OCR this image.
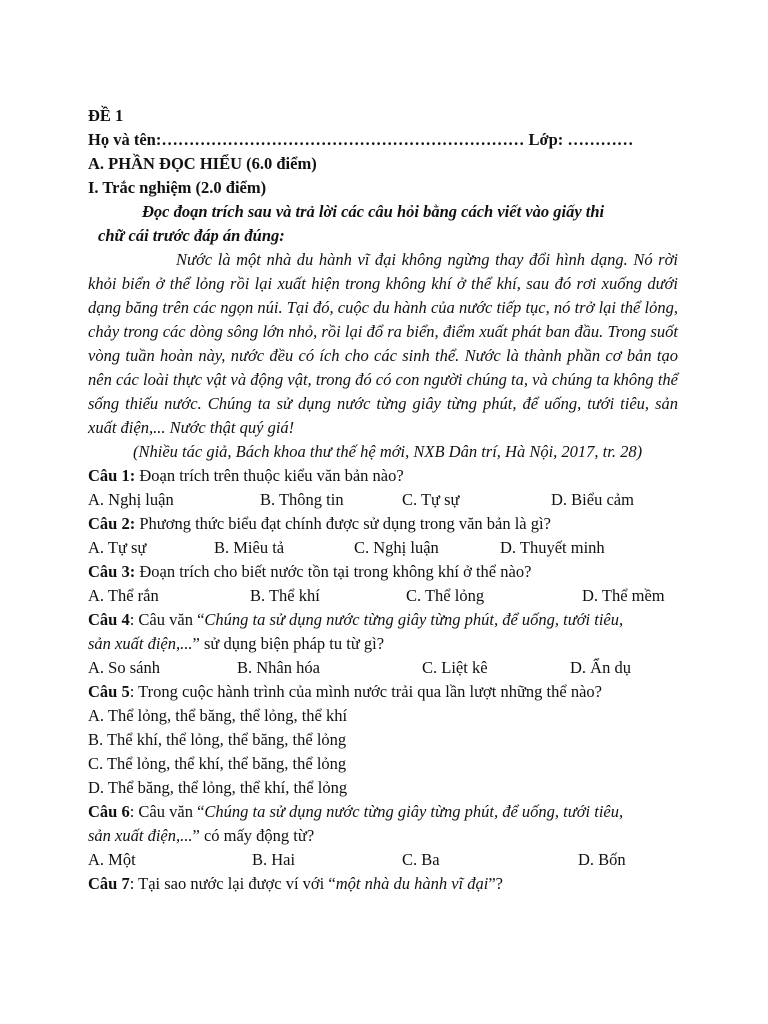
ĐỀ 1
Họ và tên:………………………………………………………… Lớp: …………
A. PHẦN ĐỌC HIỂU (6.0 điểm)
I. Trắc nghiệm (2.0 điểm)
Đọc đoạn trích sau và trả lời các câu hỏi bằng cách viết vào giấy thi
chữ cái trước đáp án đúng:

Nước là một nhà du hành vĩ đại không ngừng thay đổi hình dạng. Nó rời khỏi biển ở thể lỏng rồi lại xuất hiện trong không khí ở thể khí, sau đó rơi xuống dưới dạng băng trên các ngọn núi. Tại đó, cuộc du hành của nước tiếp tục, nó trở lại thể lỏng, chảy trong các dòng sông lớn nhỏ, rồi lại đổ ra biển, điểm xuất phát ban đầu. Trong suốt vòng tuần hoàn này, nước đều có ích cho các sinh thể. Nước là thành phần cơ bản tạo nên các loài thực vật và động vật, trong đó có con người chúng ta, và chúng ta không thể sống thiếu nước. Chúng ta sử dụng nước từng giây từng phút, để uống, tưới tiêu, sản xuất điện,... Nước thật quý giá!

(Nhiều tác giả, Bách khoa thư thế hệ mới, NXB Dân trí, Hà Nội, 2017, tr. 28)
Câu 1: Đoạn trích trên thuộc kiểu văn bản nào?
A. Nghị luận	B. Thông tin	C. Tự sự	D. Biểu cảm
Câu 2: Phương thức biểu đạt chính được sử dụng trong văn bản là gì?
A. Tự sự	B. Miêu tả	C. Nghị luận	D. Thuyết minh
Câu 3: Đoạn trích cho biết nước tồn tại trong không khí ở thể nào?
A. Thể rắn	B. Thể khí	C. Thể lỏng	D. Thể mềm
Câu 4: Câu văn “Chúng ta sử dụng nước từng giây từng phút, để uống, tưới tiêu,
sản xuất điện,...” sử dụng biện pháp tu từ gì?
A. So sánh	B. Nhân hóa	C. Liệt kê	D. Ẩn dụ
Câu 5: Trong cuộc hành trình của mình nước trải qua lần lượt những thể nào?
A. Thể lỏng, thể băng, thể lỏng, thể khí
B. Thể khí, thể lỏng, thể băng, thể lỏng
C. Thể lỏng, thể khí, thể băng, thể lỏng
D. Thể băng, thể lỏng, thể khí, thể lỏng
Câu 6: Câu văn “Chúng ta sử dụng nước từng giây từng phút, để uống, tưới tiêu,
sản xuất điện,...” có mấy động từ?
A. Một	B. Hai	C. Ba	D. Bốn
Câu 7: Tại sao nước lại được ví với “một nhà du hành vĩ đại”?
